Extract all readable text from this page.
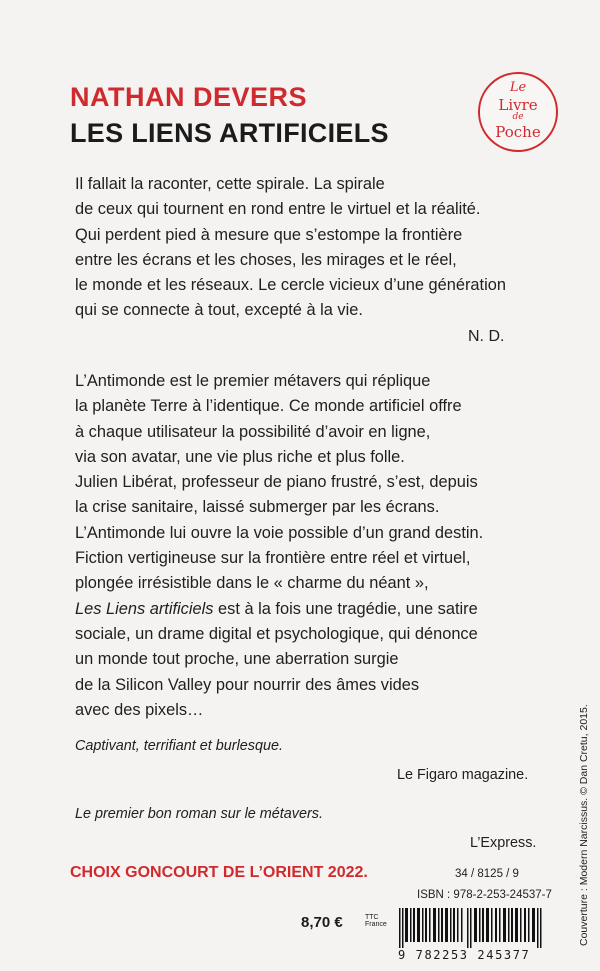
NATHAN DEVERS
LES LIENS ARTIFICIELS
Le
Livre
de
Poche

Il fallait la raconter, cette spirale. La spirale
de ceux qui tournent en rond entre le virtuel et la réalité.
Qui perdent pied à mesure que s’estompe la frontière
entre les écrans et les choses, les mirages et le réel,
le monde et les réseaux. Le cercle vicieux d’une génération
qui se connecte à tout, excepté à la vie.

N. D.

L’Antimonde est le premier métavers qui réplique
la planète Terre à l’identique. Ce monde artificiel offre
à chaque utilisateur la possibilité d’avoir en ligne,
via son avatar, une vie plus riche et plus folle.
Julien Libérat, professeur de piano frustré, s’est, depuis
la crise sanitaire, laissé submerger par les écrans.
L’Antimonde lui ouvre la voie possible d’un grand destin.
Fiction vertigineuse sur la frontière entre réel et virtuel,
plongée irrésistible dans le « charme du néant »,
Les Liens artificiels est à la fois une tragédie, une satire
sociale, un drame digital et psychologique, qui dénonce
un monde tout proche, une aberration surgie
de la Silicon Valley pour nourrir des âmes vides
avec des pixels…

Captivant, terrifiant et burlesque.
Le Figaro magazine.
Le premier bon roman sur le métavers.
L’Express.
CHOIX GONCOURT DE L’ORIENT 2022.	34 / 8125 / 9
ISBN : 978-2-253-24537-7
8,70 €	TTC
France
9 782253 245377
Couverture : Modern Narcissus. © Dan Cretu, 2015.
